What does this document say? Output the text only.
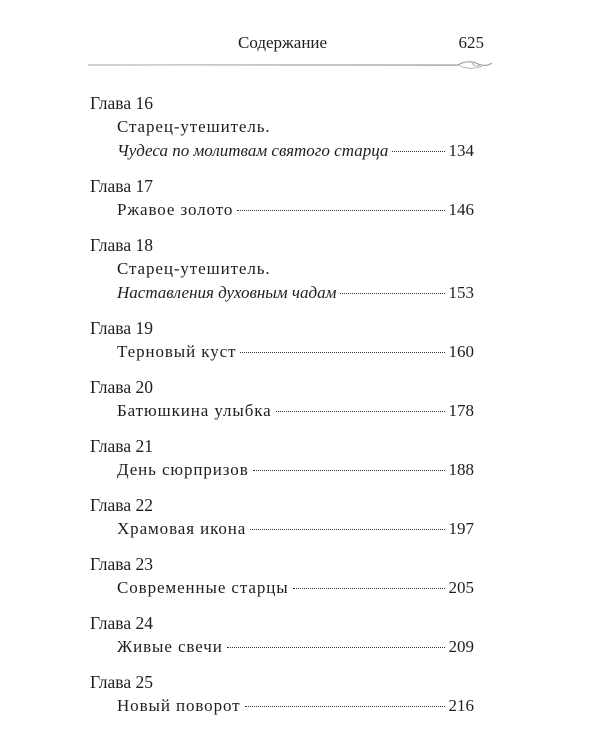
Содержание	625
Глава 16
Старец-утешитель.
Чудеса по молитвам святого старца	134
Глава 17
Ржавое золото	146
Глава 18
Старец-утешитель.
Наставления духовным чадам	153
Глава 19
Терновый куст	160
Глава 20
Батюшкина улыбка	178
Глава 21
День сюрпризов	188
Глава 22
Храмовая икона	197
Глава 23
Современные старцы	205
Глава 24
Живые свечи	209
Глава 25
Новый поворот	216
